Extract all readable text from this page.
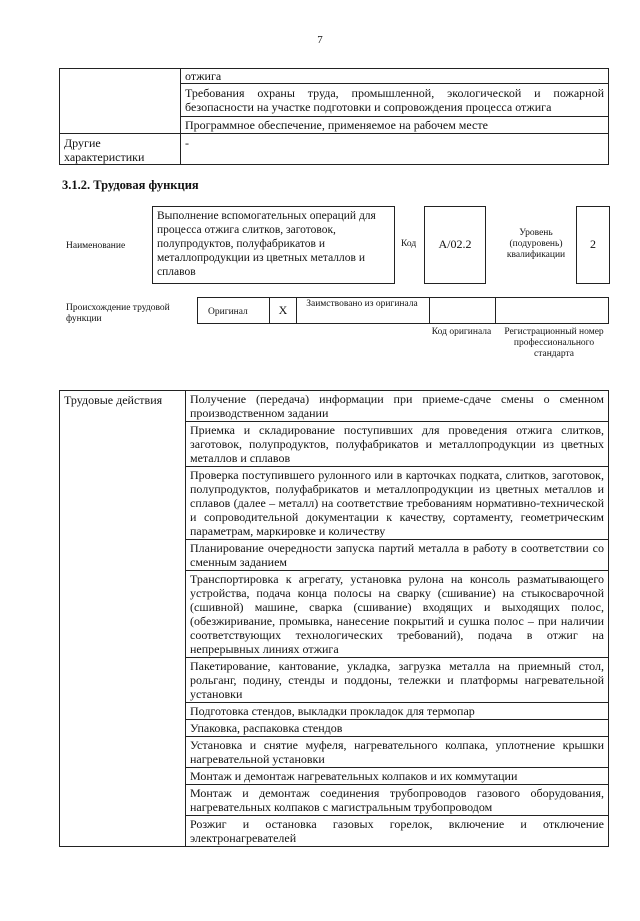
7
	отжига
	Требования охраны труда, промышленной, экологической и пожарной безопасности на участке подготовки и сопровождения процесса отжига
	Программное обеспечение, применяемое на рабочем месте
Другие характеристики	-
3.1.2. Трудовая функция
Наименование
Выполнение вспомогательных операций для процесса отжига слитков, заготовок, полупродуктов, полуфабрикатов и металлопродукции из цветных металлов и сплавов
Код	А/02.2
Уровень (подуровень) квалификации
2
Происхождение трудовой функции
Оригинал	X	Заимствовано из оригинала
Код оригинала	Регистрационный номер профессионального стандарта
Трудовые действия	Получение (передача) информации при приеме-сдаче смены о сменном производственном задании
Приемка и складирование поступивших для проведения отжига слитков, заготовок, полупродуктов, полуфабрикатов и металлопродукции из цветных металлов и сплавов
Проверка поступившего рулонного или в карточках подката, слитков, заготовок, полупродуктов, полуфабрикатов и металлопродукции из цветных металлов и сплавов (далее – металл) на соответствие требованиям нормативно-технической и сопроводительной документации к качеству, сортаменту, геометрическим параметрам, маркировке и количеству
Планирование очередности запуска партий металла в работу в соответствии со сменным заданием
Транспортировка к агрегату, установка рулона на консоль разматывающего устройства, подача конца полосы на сварку (сшивание) на стыкосварочной (сшивной) машине, сварка (сшивание) входящих и выходящих полос, (обезжиривание, промывка, нанесение покрытий и сушка полос – при наличии соответствующих технологических требований), подача в отжиг на непрерывных линиях отжига
Пакетирование, кантование, укладка, загрузка металла на приемный стол, рольганг, подину, стенды и поддоны, тележки и платформы нагревательной установки
Подготовка стендов, выкладки прокладок для термопар
Упаковка, распаковка стендов
Установка и снятие муфеля, нагревательного колпака, уплотнение крышки нагревательной установки
Монтаж и демонтаж нагревательных колпаков и их коммутации
Монтаж и демонтаж соединения трубопроводов газового оборудования, нагревательных колпаков с магистральным трубопроводом
Розжиг и остановка газовых горелок, включение и отключение электронагревателей
